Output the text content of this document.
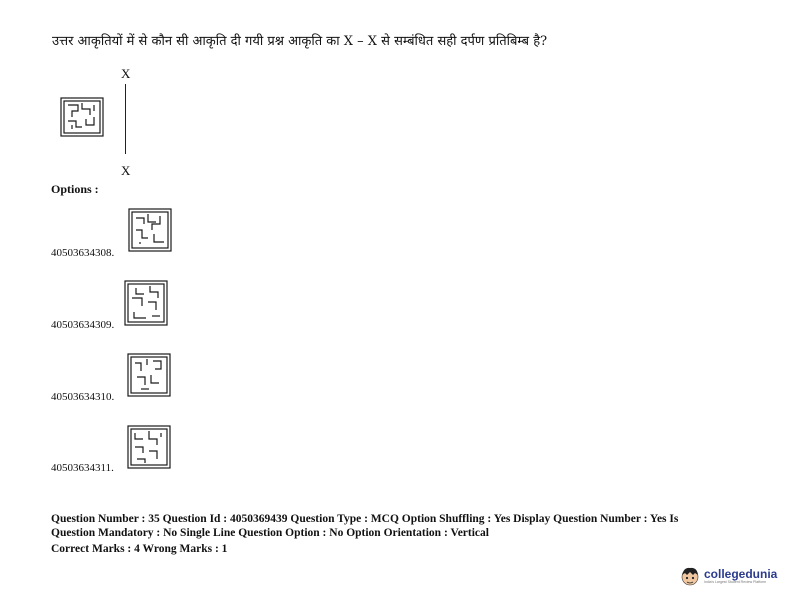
उत्तर आकृतियों में से कौन सी आकृति दी गयी प्रश्न आकृति का X – X से सम्बंधित सही दर्पण प्रतिबिम्ब है?
X
X
Options :
40503634308.
40503634309.
40503634310.
40503634311.
Question Number : 35 Question Id : 4050369439 Question Type : MCQ Option Shuffling : Yes Display Question Number : Yes Is
Question Mandatory : No Single Line Question Option : No Option Orientation : Vertical
Correct Marks : 4 Wrong Marks : 1
collegedunia
India's Largest Student Review Platform
